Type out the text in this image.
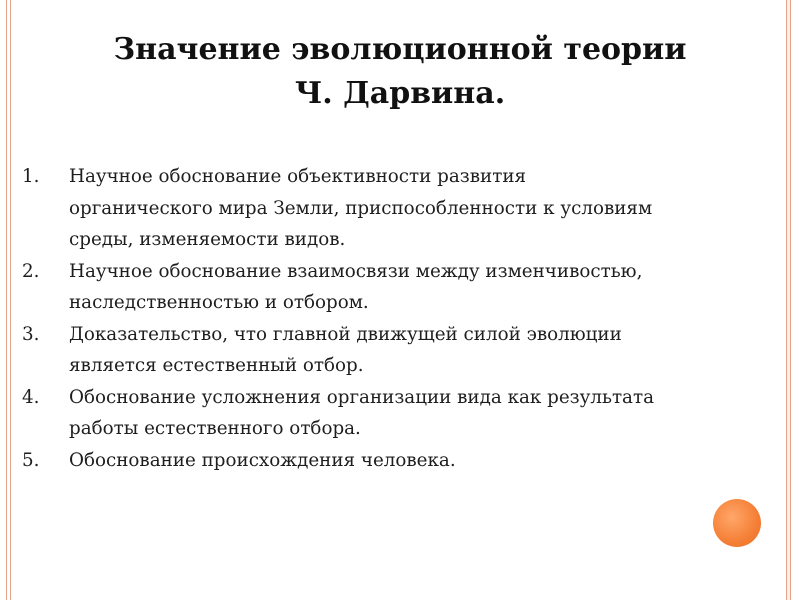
Значение эволюционной теории
Ч. Дарвина.
1. Научное обоснование объективности развития
органического мира Земли, приспособленности к условиям
среды, изменяемости видов.
2. Научное обоснование взаимосвязи между изменчивостью,
наследственностью и отбором.
3. Доказательство, что главной движущей силой эволюции
является естественный отбор.
4. Обоснование усложнения организации вида как результата
работы естественного отбора.
5. Обоснование происхождения человека.
